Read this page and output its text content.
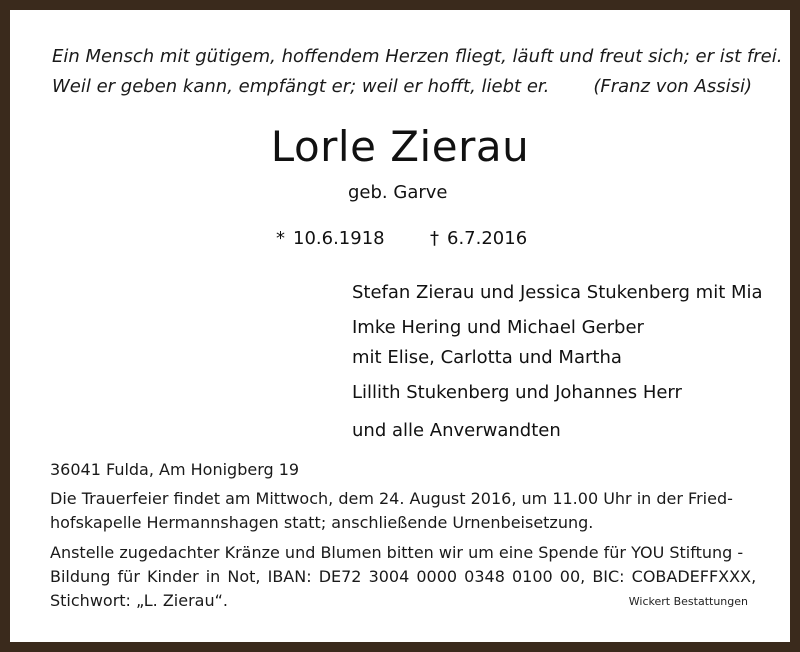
Ein Mensch mit gütigem, hoffendem Herzen fliegt, läuft und freut sich; er ist frei.
Weil er geben kann, empfängt er; weil er hofft, liebt er. (Franz von Assisi)
Lorle Zierau
geb. Garve
* 10.6.1918	† 6.7.2016
Stefan Zierau und Jessica Stukenberg mit Mia
Imke Hering und Michael Gerber
mit Elise, Carlotta und Martha
Lillith Stukenberg und Johannes Herr
und alle Anverwandten
36041 Fulda, Am Honigberg 19
Die Trauerfeier findet am Mittwoch, dem 24. August 2016, um 11.00 Uhr in der Fried-
hofskapelle Hermannshagen statt; anschließende Urnenbeisetzung.
Anstelle zugedachter Kränze und Blumen bitten wir um eine Spende für YOU Stiftung -
Bildung für Kinder in Not, IBAN: DE72 3004 0000 0348 0100 00, BIC: COBADEFFXXX,
Stichwort: „L. Zierau“.	Wickert Bestattungen
